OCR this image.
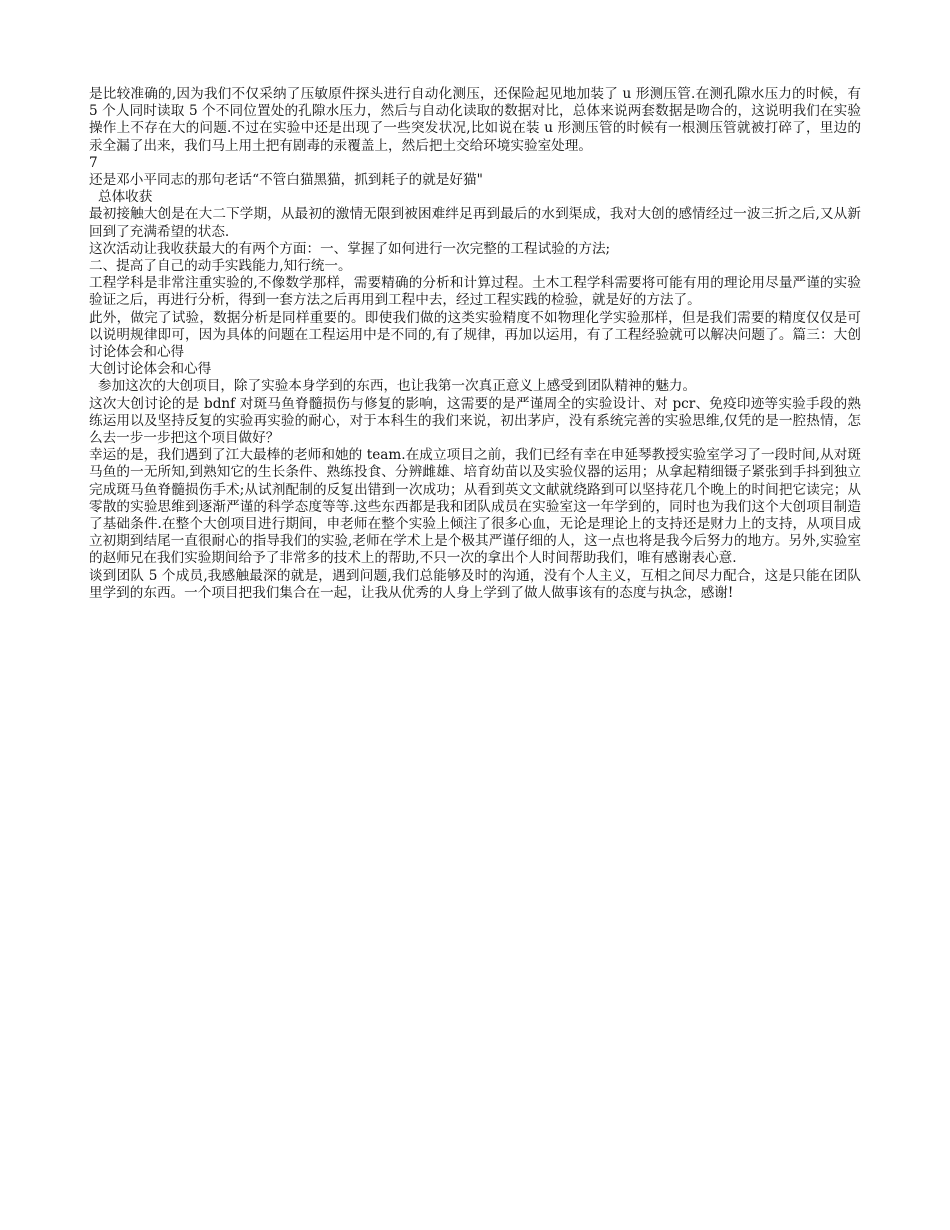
是比较准确的,因为我们不仅采纳了压敏原件探头进行自动化测压，还保险起见地加装了 u 形测压管.在测孔隙水压力的时候，有 5 个人同时读取 5 个不同位置处的孔隙水压力，然后与自动化读取的数据对比，总体来说两套数据是吻合的，这说明我们在实验操作上不存在大的问题.不过在实验中还是出现了一些突发状况,比如说在装 u 形测压管的时候有一根测压管就被打碎了，里边的汞全漏了出来，我们马上用土把有剧毒的汞覆盖上，然后把土交给环境实验室处理。

7

还是邓小平同志的那句老话“不管白猫黑猫，抓到耗子的就是好猫"

总体收获

最初接触大创是在大二下学期，从最初的激情无限到被困难绊足再到最后的水到渠成，我对大创的感情经过一波三折之后,又从新回到了充满希望的状态.

这次活动让我收获最大的有两个方面：一、掌握了如何进行一次完整的工程试验的方法;

二、提高了自己的动手实践能力,知行统一。

工程学科是非常注重实验的,不像数学那样，需要精确的分析和计算过程。土木工程学科需要将可能有用的理论用尽量严谨的实验验证之后，再进行分析，得到一套方法之后再用到工程中去，经过工程实践的检验，就是好的方法了。

此外，做完了试验，数据分析是同样重要的。即使我们做的这类实验精度不如物理化学实验那样，但是我们需要的精度仅仅是可以说明规律即可，因为具体的问题在工程运用中是不同的,有了规律，再加以运用，有了工程经验就可以解决问题了。篇三：大创讨论体会和心得

大创讨论体会和心得

参加这次的大创项目，除了实验本身学到的东西，也让我第一次真正意义上感受到团队精神的魅力。

这次大创讨论的是 bdnf 对斑马鱼脊髓损伤与修复的影响，这需要的是严谨周全的实验设计、对 pcr、免疫印迹等实验手段的熟练运用以及坚持反复的实验再实验的耐心，对于本科生的我们来说，初出茅庐，没有系统完善的实验思维,仅凭的是一腔热情，怎么去一步一步把这个项目做好？

幸运的是，我们遇到了江大最棒的老师和她的 team.在成立项目之前，我们已经有幸在申延琴教授实验室学习了一段时间,从对斑马鱼的一无所知,到熟知它的生长条件、熟练投食、分辨雌雄、培育幼苗以及实验仪器的运用；从拿起精细镊子紧张到手抖到独立完成斑马鱼脊髓损伤手术;从试剂配制的反复出错到一次成功；从看到英文文献就绕路到可以坚持花几个晚上的时间把它读完；从零散的实验思维到逐渐严谨的科学态度等等.这些东西都是我和团队成员在实验室这一年学到的，同时也为我们这个大创项目制造了基础条件.在整个大创项目进行期间，申老师在整个实验上倾注了很多心血，无论是理论上的支持还是财力上的支持，从项目成立初期到结尾一直很耐心的指导我们的实验,老师在学术上是个极其严谨仔细的人，这一点也将是我今后努力的地方。另外,实验室的赵师兄在我们实验期间给予了非常多的技术上的帮助,不只一次的拿出个人时间帮助我们，唯有感谢表心意.

谈到团队 5 个成员,我感触最深的就是，遇到问题,我们总能够及时的沟通，没有个人主义，互相之间尽力配合，这是只能在团队里学到的东西。一个项目把我们集合在一起，让我从优秀的人身上学到了做人做事该有的态度与执念，感谢!
